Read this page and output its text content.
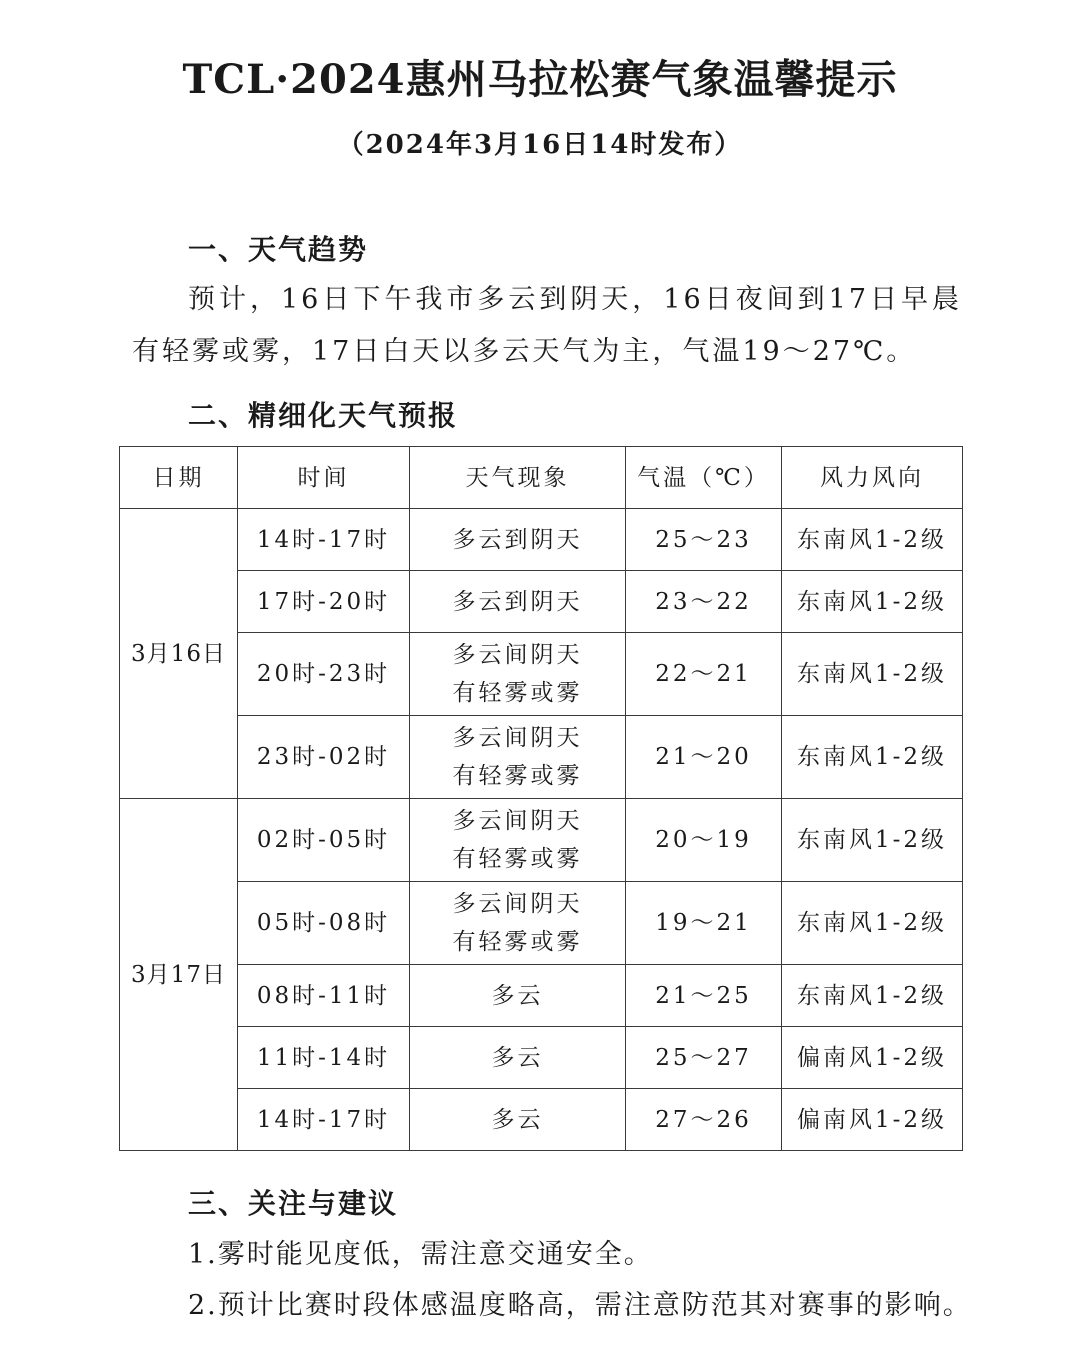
TCL·2024惠州马拉松赛气象温馨提示
（2024年3月16日14时发布）
一、天气趋势
预计，16日下午我市多云到阴天，16日夜间到17日早晨有轻雾或雾，17日白天以多云天气为主，气温19～27℃。
二、精细化天气预报
日期	时间	天气现象	气温（℃）	风力风向
3月16日	14时-17时	多云到阴天	25～23	东南风1-2级
	17时-20时	多云到阴天	23～22	东南风1-2级
	20时-23时	多云间阴天
有轻雾或雾	22～21	东南风1-2级
	23时-02时	多云间阴天
有轻雾或雾	21～20	东南风1-2级
3月17日	02时-05时	多云间阴天
有轻雾或雾	20～19	东南风1-2级
	05时-08时	多云间阴天
有轻雾或雾	19～21	东南风1-2级
	08时-11时	多云	21～25	东南风1-2级
	11时-14时	多云	25～27	偏南风1-2级
	14时-17时	多云	27～26	偏南风1-2级
三、关注与建议
1.雾时能见度低，需注意交通安全。
2.预计比赛时段体感温度略高，需注意防范其对赛事的影响。
